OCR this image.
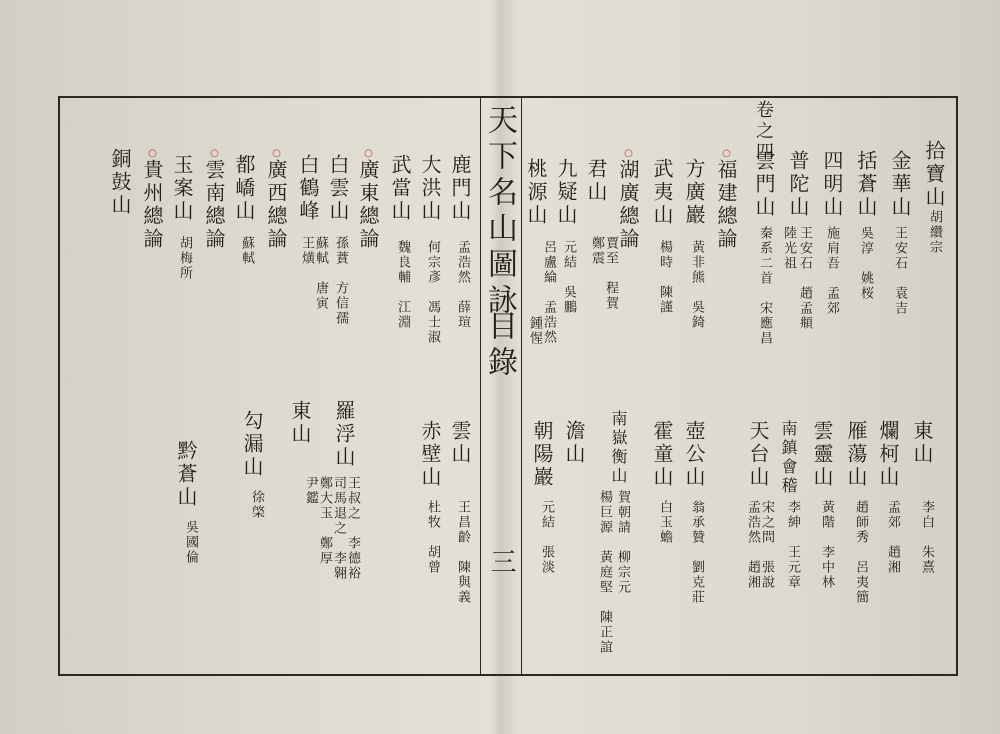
天下名山圖詠
目錄
三
拾寶山
胡纘宗
金華山
王安石　袁吉
括蒼山
吳淳　姚桜
四明山
施肩吾　孟郊
普陀山
王安石　趙孟頫
陸光祖
雲門山
秦系二首　宋應昌
卷之四
○福建總論
方廣巖
黃非熊　吳錡
武夷山
楊時　陳謹
○湖廣總論
君山
賈至　程賀
鄭震
九疑山
元結　吳鵬
桃源山
呂盧綸　孟浩然
鍾惺
鹿門山
孟浩然　薛瑄
大洪山
何宗彥　馮士淑
武當山
魏良輔　江淵
○廣東總論
白雲山
孫蕡　方信孺
白鶴峰
蘇軾　唐寅
王熿
○廣西總論
都嶠山
蘇軾
○雲南總論
玉案山
胡梅所
○貴州總論
銅鼓山
東山
李白　朱熹
爛柯山
孟郊　趙湘
雁蕩山
趙師秀　呂夷簡
雲靈山
黃階　李中林
南鎮會稽
李紳　王元章
天台山
宋之問　張說
孟浩然　趙湘
壺公山
翁承贊　劉克莊
霍童山
白玉蟾
南嶽衡山
賀朝請　柳宗元
楊巨源　黃庭堅　陳正誼
澹山
朝陽巖
元結　張淡
雲山
王昌齡　陳與義
赤壁山
杜牧　胡曾
羅浮山
王叔之　李德裕
司馬退之　李翱
鄭大玉　鄭厚
尹鑑
東山
勾漏山
徐棨
黔蒼山
吳國倫
